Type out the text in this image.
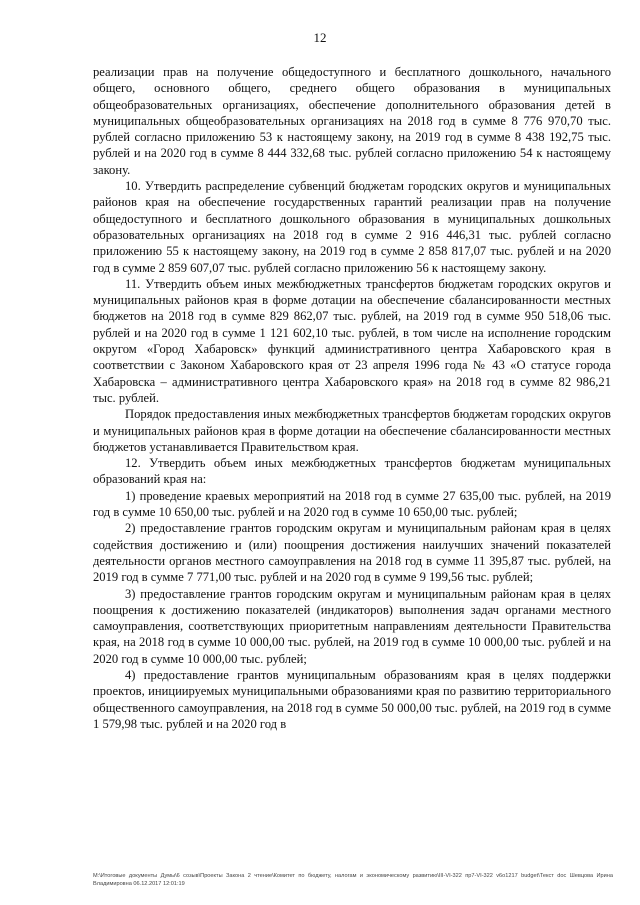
12

реализации прав на получение общедоступного и бесплатного дошкольного, начального общего, основного общего, среднего общего образования в муниципальных общеобразовательных организациях, обеспечение дополнительного образования детей в муниципальных общеобразовательных организациях на 2018 год в сумме 8 776 970,70 тыс. рублей согласно приложению 53 к настоящему закону, на 2019 год в сумме 8 438 192,75 тыс. рублей и на 2020 год в сумме 8 444 332,68 тыс. рублей согласно приложению 54 к настоящему закону.

10. Утвердить распределение субвенций бюджетам городских округов и муниципальных районов края на обеспечение государственных гарантий реализации прав на получение общедоступного и бесплатного дошкольного образования в муниципальных дошкольных образовательных организациях на 2018 год в сумме 2 916 446,31 тыс. рублей согласно приложению 55 к настоящему закону, на 2019 год в сумме 2 858 817,07 тыс. рублей и на 2020 год в сумме 2 859 607,07 тыс. рублей согласно приложению 56 к настоящему закону.

11. Утвердить объем иных межбюджетных трансфертов бюджетам городских округов и муниципальных районов края в форме дотации на обеспечение сбалансированности местных бюджетов на 2018 год в сумме 829 862,07 тыс. рублей, на 2019 год в сумме 950 518,06 тыс. рублей и на 2020 год в сумме 1 121 602,10 тыс. рублей, в том числе на исполнение городским округом «Город Хабаровск» функций административного центра Хабаровского края в соответствии с Законом Хабаровского края от 23 апреля 1996 года № 43 «О статусе города Хабаровска – административного центра Хабаровского края» на 2018 год в сумме 82 986,21 тыс. рублей.

Порядок предоставления иных межбюджетных трансфертов бюджетам городских округов и муниципальных районов края в форме дотации на обеспечение сбалансированности местных бюджетов устанавливается Правительством края.

12. Утвердить объем иных межбюджетных трансфертов бюджетам муниципальных образований края на:

1) проведение краевых мероприятий на 2018 год в сумме 27 635,00 тыс. рублей, на 2019 год в сумме 10 650,00 тыс. рублей и на 2020 год в сумме 10 650,00 тыс. рублей;

2) предоставление грантов городским округам и муниципальным районам края в целях содействия достижению и (или) поощрения достижения наилучших значений показателей деятельности органов местного самоуправления на 2018 год в сумме 11 395,87 тыс. рублей, на 2019 год в сумме 7 771,00 тыс. рублей и на 2020 год в сумме 9 199,56 тыс. рублей;

3) предоставление грантов городским округам и муниципальным районам края в целях поощрения к достижению показателей (индикаторов) выполнения задач органами местного самоуправления, соответствующих приоритетным направлениям деятельности Правительства края, на 2018 год в сумме 10 000,00 тыс. рублей, на 2019 год в сумме 10 000,00 тыс. рублей и на 2020 год в сумме 10 000,00 тыс. рублей;

4) предоставление грантов муниципальным образованиям края в целях поддержки проектов, инициируемых муниципальными образованиями края по развитию территориального общественного самоуправления, на 2018 год в сумме 50 000,00 тыс. рублей, на 2019 год в сумме 1 579,98 тыс. рублей и на 2020 год в

М:\Итоговые документы Думы\6 созыв\Проекты Закона 2 чтение\Комитет по бюджету, налогам и экономическому развитию\III-VI-322 пр7-VI-322 v6o1217 budget\Текст doc Шевцова Ирина Владимировна 06.12.2017 12:01:19
